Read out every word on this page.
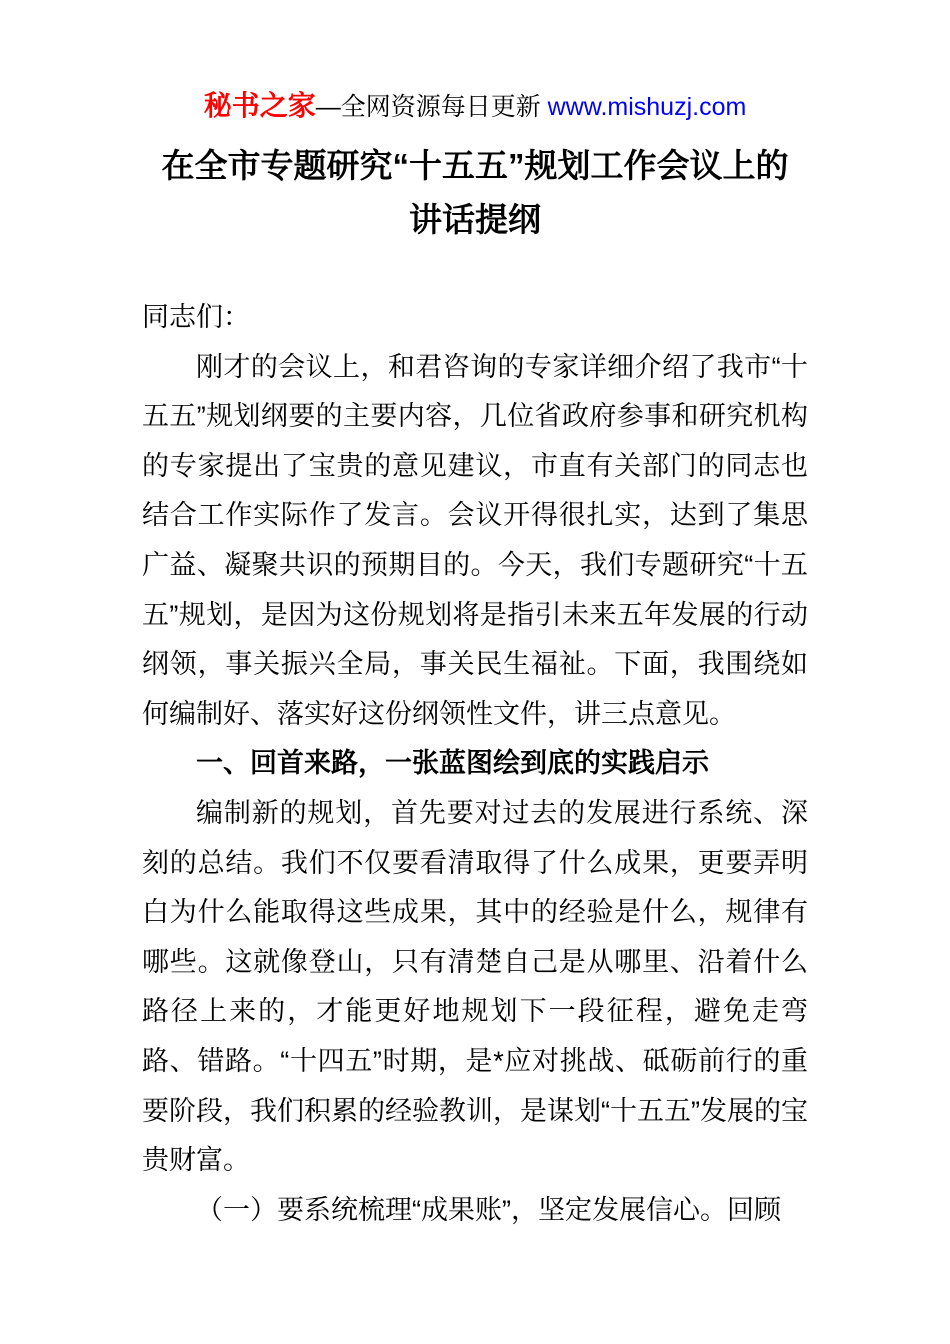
秘书之家—全网资源每日更新 www.mishuzj.com
在全市专题研究“十五五”规划工作会议上的
讲话提纲

同志们：

刚才的会议上，和君咨询的专家详细介绍了我市“十五五”规划纲要的主要内容，几位省政府参事和研究机构的专家提出了宝贵的意见建议，市直有关部门的同志也结合工作实际作了发言。会议开得很扎实，达到了集思广益、凝聚共识的预期目的。今天，我们专题研究“十五五”规划，是因为这份规划将是指引未来五年发展的行动纲领，事关振兴全局，事关民生福祉。下面，我围绕如何编制好、落实好这份纲领性文件，讲三点意见。

一、回首来路，一张蓝图绘到底的实践启示

编制新的规划，首先要对过去的发展进行系统、深刻的总结。我们不仅要看清取得了什么成果，更要弄明白为什么能取得这些成果，其中的经验是什么，规律有哪些。这就像登山，只有清楚自己是从哪里、沿着什么路径上来的，才能更好地规划下一段征程，避免走弯路、错路。“十四五”时期，是*应对挑战、砥砺前行的重要阶段，我们积累的经验教训，是谋划“十五五”发展的宝贵财富。

（一）要系统梳理“成果账”，坚定发展信心。回顾
